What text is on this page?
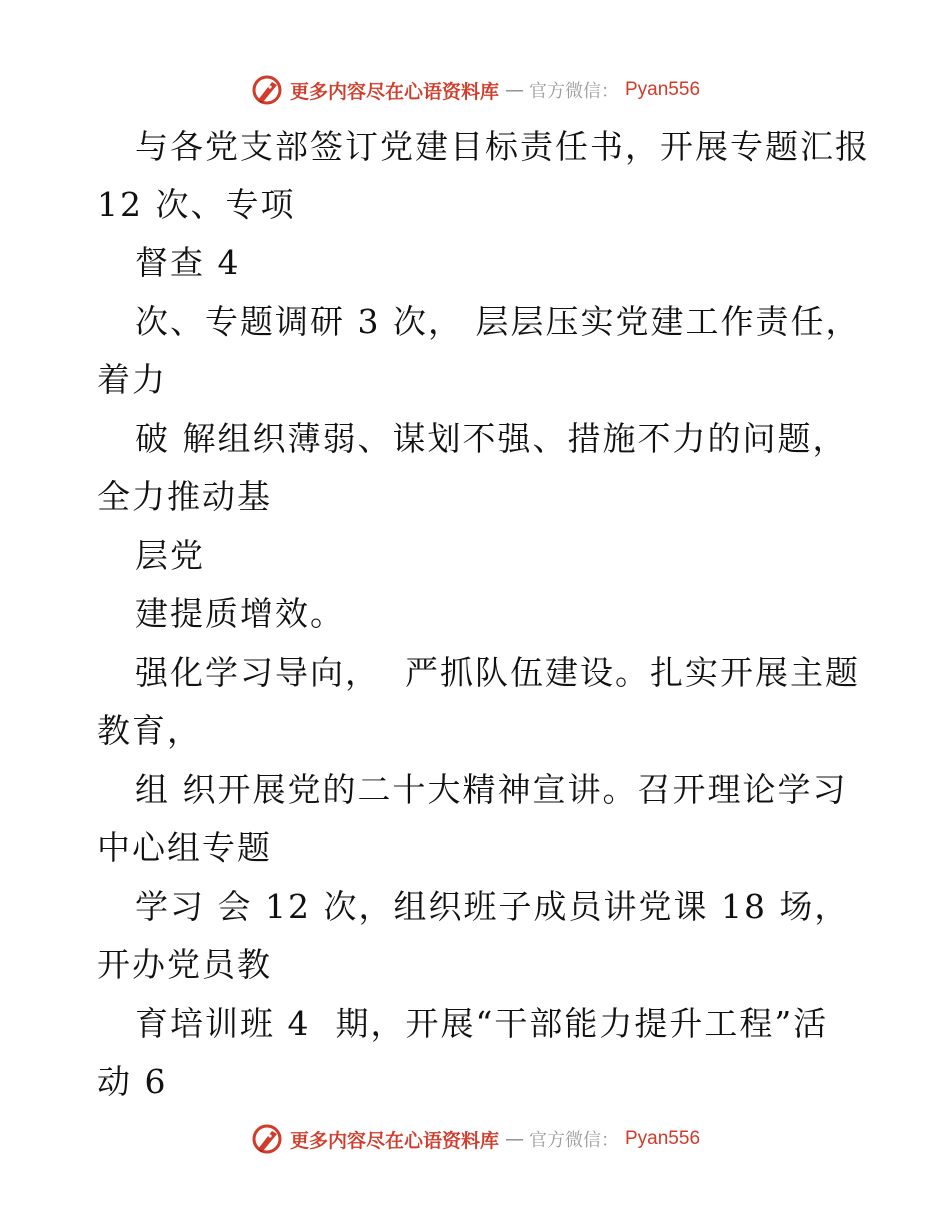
更多内容尽在心语资料库 — 官方微信： Pyan556
与各党支部签订党建目标责任书，开展专题汇报
12 次、专项
督查 4
次、专题调研 3 次， 层层压实党建工作责任，
着力
破 解组织薄弱、谋划不强、措施不力的问题，
全力推动基
层党
建提质增效。
强化学习导向，  严抓队伍建设。扎实开展主题
教育，
组 织开展党的二十大精神宣讲。召开理论学习
中心组专题
学习 会 12 次，组织班子成员讲党课 18 场，
开办党员教
育培训班 4  期，开展“干部能力提升工程”活
动 6
更多内容尽在心语资料库 — 官方微信： Pyan556
